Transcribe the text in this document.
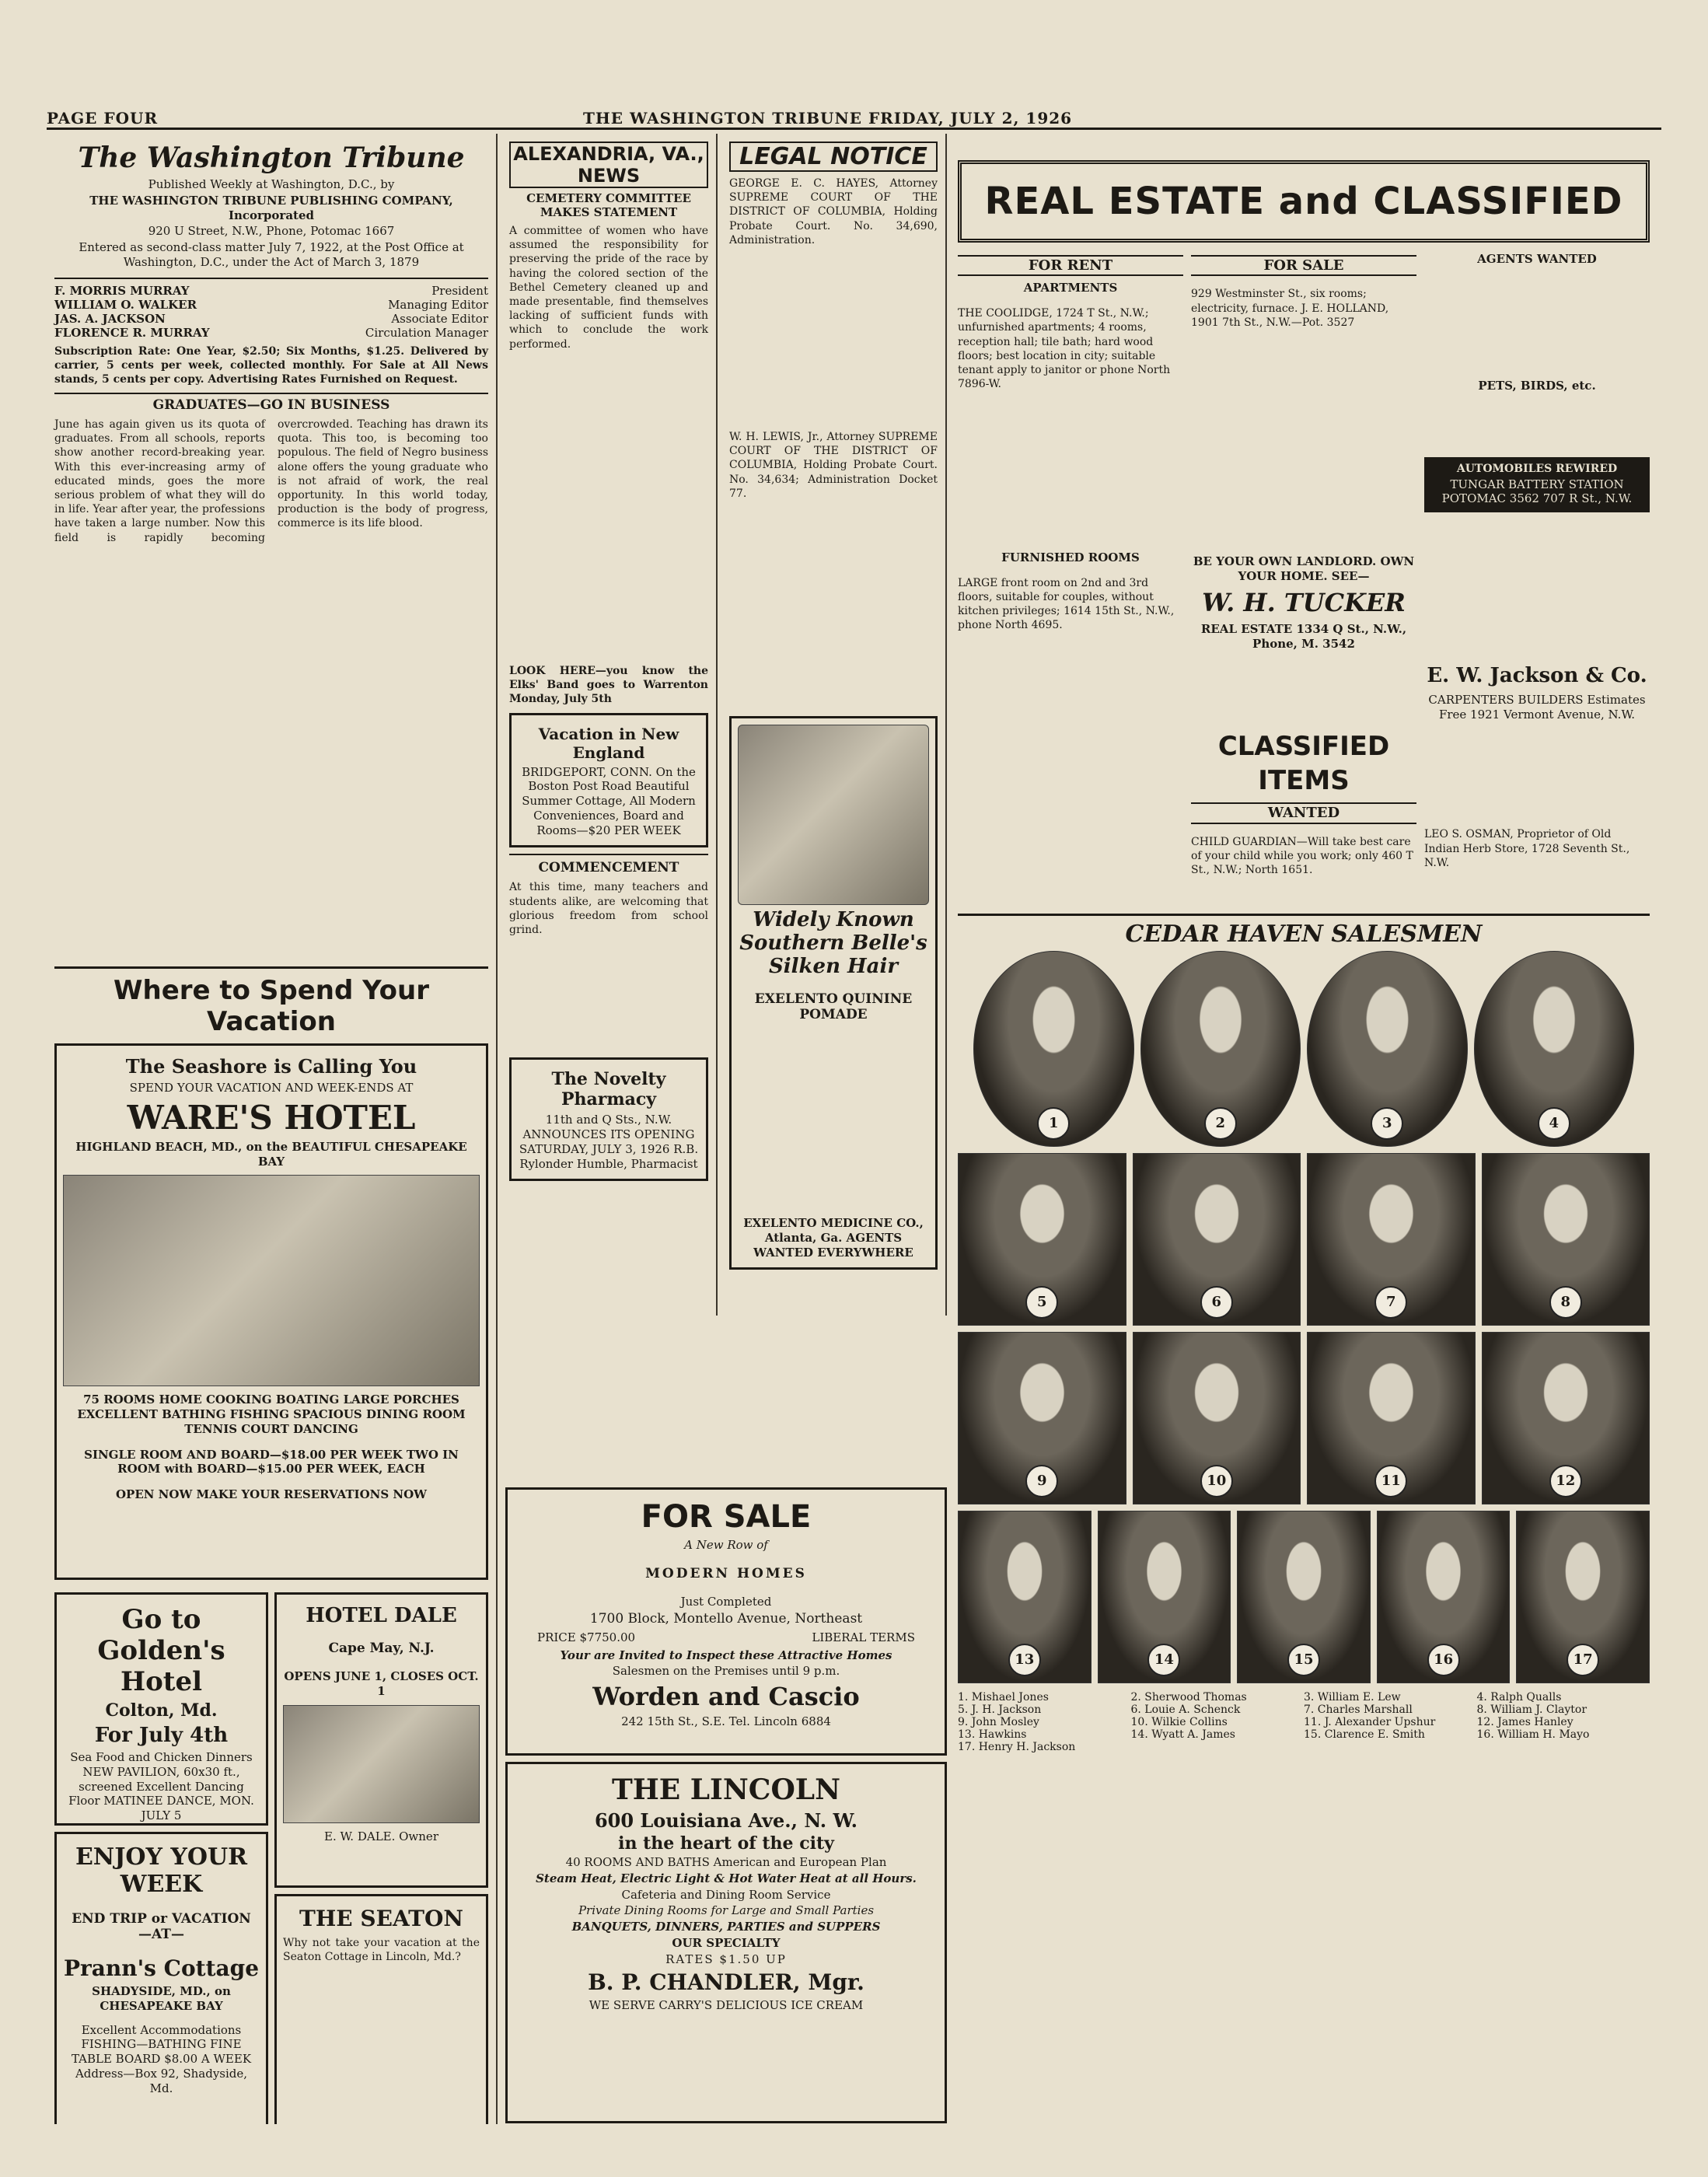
PAGE FOUR	THE WASHINGTON TRIBUNE FRIDAY, JULY 2, 1926
The Washington Tribune

Published Weekly at Washington, D.C., by

THE WASHINGTON TRIBUNE PUBLISHING COMPANY, Incorporated

920 U Street, N.W., Phone, Potomac 1667

Entered as second-class matter July 7, 1922, at the Post Office at Washington, D.C., under the Act of March 3, 1879

F. MORRIS MURRAY	President
WILLIAM O. WALKER	Managing Editor
JAS. A. JACKSON	Associate Editor
FLORENCE R. MURRAY	Circulation Manager

Subscription Rate: One Year, $2.50; Six Months, $1.25. Delivered by carrier, 5 cents per week, collected monthly. For Sale at All News stands, 5 cents per copy. Advertising Rates Furnished on Request.

GRADUATES—GO IN BUSINESS

June has again given us its quota of graduates. From all schools, reports show another record-breaking year. With this ever-increasing army of educated minds, goes the more serious problem of what they will do in life. Year after year, the professions have taken a large number. Now this field is rapidly becoming overcrowded. Teaching has drawn its quota. This too, is becoming too populous. The field of Negro business alone offers the young graduate who is not afraid of work, the real opportunity. In this world today, production is the body of progress, commerce is its life blood.

Where to Spend Your Vacation
The Seashore is Calling You

SPEND YOUR VACATION AND WEEK-ENDS AT

WARE'S HOTEL

HIGHLAND BEACH, MD., on the BEAUTIFUL CHESAPEAKE BAY

75 ROOMS HOME COOKING BOATING LARGE PORCHES EXCELLENT BATHING FISHING SPACIOUS DINING ROOM TENNIS COURT DANCING

SINGLE ROOM AND BOARD—$18.00 PER WEEK TWO IN ROOM with BOARD—$15.00 PER WEEK, EACH

OPEN NOW MAKE YOUR RESERVATIONS NOW

Go to Golden's Hotel

Colton, Md.

For July 4th

Sea Food and Chicken Dinners NEW PAVILION, 60x30 ft., screened Excellent Dancing Floor MATINEE DANCE, MON. JULY 5

ENJOY YOUR WEEK

END TRIP or VACATION —AT—

Prann's Cottage

SHADYSIDE, MD., on CHESAPEAKE BAY

Excellent Accommodations FISHING—BATHING FINE TABLE BOARD $8.00 A WEEK Address—Box 92, Shadyside, Md.

HOTEL DALE

Cape May, N.J.

OPENS JUNE 1, CLOSES OCT. 1

E. W. DALE. Owner

THE SEATON

Why not take your vacation at the Seaton Cottage in Lincoln, Md.?

ALEXANDRIA, VA., NEWS
CEMETERY COMMITTEE MAKES STATEMENT

A committee of women who have assumed the responsibility for preserving the pride of the race by having the colored section of the Bethel Cemetery cleaned up and made presentable, find themselves lacking of sufficient funds with which to conclude the work performed.

LOOK HERE—you know the Elks' Band goes to Warrenton Monday, July 5th

Vacation in New England

BRIDGEPORT, CONN. On the Boston Post Road Beautiful Summer Cottage, All Modern Conveniences, Board and Rooms—$20 PER WEEK

COMMENCEMENT

At this time, many teachers and students alike, are welcoming that glorious freedom from school grind.

The Novelty Pharmacy

11th and Q Sts., N.W. ANNOUNCES ITS OPENING SATURDAY, JULY 3, 1926 R.B. Rylonder Humble, Pharmacist

LEGAL NOTICE

GEORGE E. C. HAYES, Attorney SUPREME COURT OF THE DISTRICT OF COLUMBIA, Holding Probate Court. No. 34,690, Administration.

W. H. LEWIS, Jr., Attorney SUPREME COURT OF THE DISTRICT OF COLUMBIA, Holding Probate Court. No. 34,634; Administration Docket 77.

Widely Known Southern Belle's Silken Hair

EXELENTO QUININE POMADE

EXELENTO MEDICINE CO., Atlanta, Ga. AGENTS WANTED EVERYWHERE

REAL ESTATE and CLASSIFIED
FOR RENT

APARTMENTS

THE COOLIDGE, 1724 T St., N.W.; unfurnished apartments; 4 rooms, reception hall; tile bath; hard wood floors; best location in city; suitable tenant apply to janitor or phone North 7896-W.

FURNISHED ROOMS

LARGE front room on 2nd and 3rd floors, suitable for couples, without kitchen privileges; 1614 15th St., N.W., phone North 4695.

FOR SALE

929 Westminster St., six rooms; electricity, furnace. J. E. HOLLAND, 1901 7th St., N.W.—Pot. 3527

BE YOUR OWN LANDLORD. OWN YOUR HOME. SEE—

W. H. TUCKER

REAL ESTATE 1334 Q St., N.W., Phone, M. 3542

CLASSIFIED ITEMS
WANTED

CHILD GUARDIAN—Will take best care of your child while you work; only 460 T St., N.W.; North 1651.

AGENTS WANTED

PETS, BIRDS, etc.

AUTOMOBILES REWIRED

TUNGAR BATTERY STATION POTOMAC 3562 707 R St., N.W.

E. W. Jackson & Co.

CARPENTERS BUILDERS Estimates Free 1921 Vermont Avenue, N.W.

LEO S. OSMAN, Proprietor of Old Indian Herb Store, 1728 Seventh St., N.W.

CEDAR HAVEN SALESMEN
1	2	3	4
5	6	7	8
9	10	11	12
13	14	15	16	17
1. Mishael Jones	2. Sherwood Thomas	3. William E. Lew	4. Ralph Qualls
5. J. H. Jackson	6. Louie A. Schenck	7. Charles Marshall	8. William J. Claytor
9. John Mosley	10. Wilkie Collins	11. J. Alexander Upshur	12. James Hanley
13. Hawkins	14. Wyatt A. James	15. Clarence E. Smith	16. William H. Mayo
17. Henry H. Jackson
FOR SALE

A New Row of

MODERN HOMES

Just Completed

1700 Block, Montello Avenue, Northeast

PRICE $7750.00	LIBERAL TERMS

Your are Invited to Inspect these Attractive Homes

Salesmen on the Premises until 9 p.m.

Worden and Cascio

242 15th St., S.E. Tel. Lincoln 6884

THE LINCOLN

600 Louisiana Ave., N. W.

in the heart of the city

40 ROOMS AND BATHS American and European Plan

Steam Heat, Electric Light & Hot Water Heat at all Hours.

Cafeteria and Dining Room Service

Private Dining Rooms for Large and Small Parties

BANQUETS, DINNERS, PARTIES and SUPPERS

OUR SPECIALTY

RATES $1.50 UP

B. P. CHANDLER, Mgr.

WE SERVE CARRY'S DELICIOUS ICE CREAM
